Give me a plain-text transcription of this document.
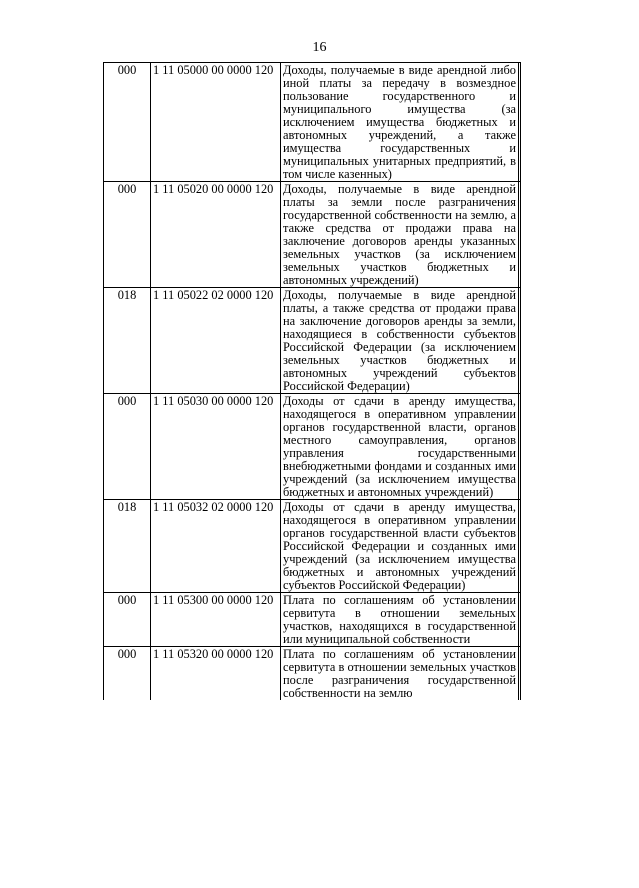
16
000	1 11 05000 00 0000 120	Доходы, получаемые в виде арендной либо иной платы за передачу в возмездное пользование государственного и муниципального имущества (за исключением имущества бюджетных и автономных учреждений, а также имущества государственных и муниципальных унитарных предприятий, в том числе казенных)	
000	1 11 05020 00 0000 120	Доходы, получаемые в виде арендной платы за земли после разграничения государственной собственности на землю, а также средства от продажи права на заключение договоров аренды указанных земельных участков (за исключением земельных участков бюджетных и автономных учреждений)	
018	1 11 05022 02 0000 120	Доходы, получаемые в виде арендной платы, а также средства от продажи права на заключение договоров аренды за земли, находящиеся в собственности субъектов Российской Федерации (за исключением земельных участков бюджетных и автономных учреждений субъектов Российской Федерации)	
000	1 11 05030 00 0000 120	Доходы от сдачи в аренду имущества, находящегося в оперативном управлении органов государственной власти, органов местного самоуправления, органов управления государственными внебюджетными фондами и созданных ими учреждений (за исключением имущества бюджетных и автономных учреждений)	
018	1 11 05032 02 0000 120	Доходы от сдачи в аренду имущества, находящегося в оперативном управлении органов государственной власти субъектов Российской Федерации и созданных ими учреждений (за исключением имущества бюджетных и автономных учреждений субъектов Российской Федерации)	
000	1 11 05300 00 0000 120	Плата по соглашениям об установлении сервитута в отношении земельных участков, находящихся в государственной или муниципальной собственности	
000	1 11 05320 00 0000 120	Плата по соглашениям об установлении сервитута в отношении земельных участков после разграничения государственной собственности на землю	
